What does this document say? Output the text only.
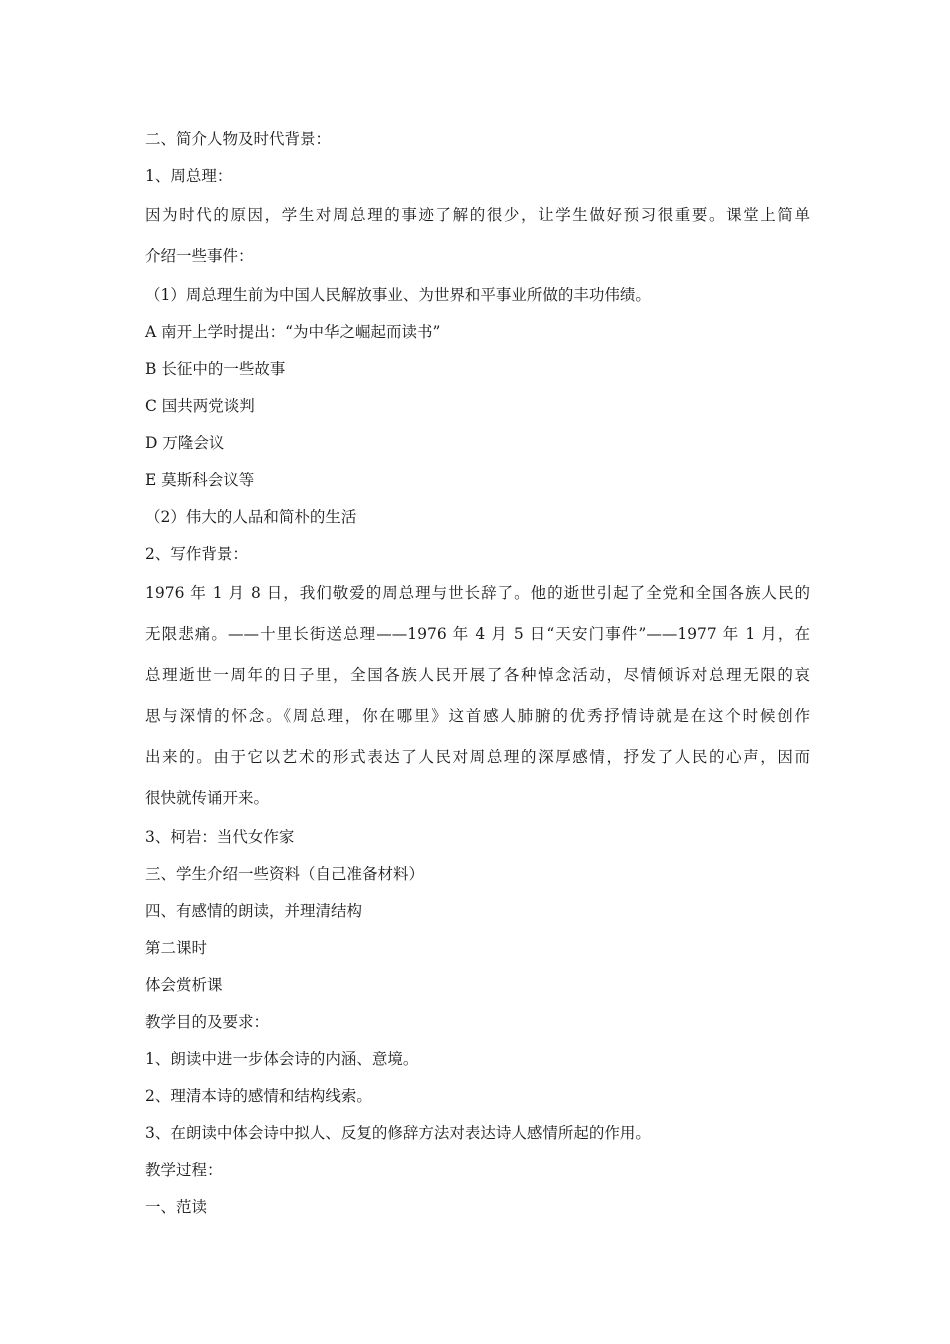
二、简介人物及时代背景：
1、周总理：
因为时代的原因，学生对周总理的事迹了解的很少，让学生做好预习很重要。课堂上简单
介绍一些事件：
（1）周总理生前为中国人民解放事业、为世界和平事业所做的丰功伟绩。
A 南开上学时提出：“为中华之崛起而读书”
B 长征中的一些故事
C 国共两党谈判
D 万隆会议
E 莫斯科会议等
（2）伟大的人品和简朴的生活
2、写作背景：
1976 年 1 月 8 日，我们敬爱的周总理与世长辞了。他的逝世引起了全党和全国各族人民的
无限悲痛。——十里长街送总理——1976 年 4 月 5 日“天安门事件”——1977 年 1 月，在
总理逝世一周年的日子里，全国各族人民开展了各种悼念活动，尽情倾诉对总理无限的哀
思与深情的怀念。《周总理，你在哪里》这首感人肺腑的优秀抒情诗就是在这个时候创作
出来的。由于它以艺术的形式表达了人民对周总理的深厚感情，抒发了人民的心声，因而
很快就传诵开来。
3、柯岩：当代女作家
三、学生介绍一些资料（自己准备材料）
四、有感情的朗读，并理清结构
第二课时
体会赏析课
教学目的及要求：
1、朗读中进一步体会诗的内涵、意境。
2、理清本诗的感情和结构线索。
3、在朗读中体会诗中拟人、反复的修辞方法对表达诗人感情所起的作用。
教学过程：
一、范读
